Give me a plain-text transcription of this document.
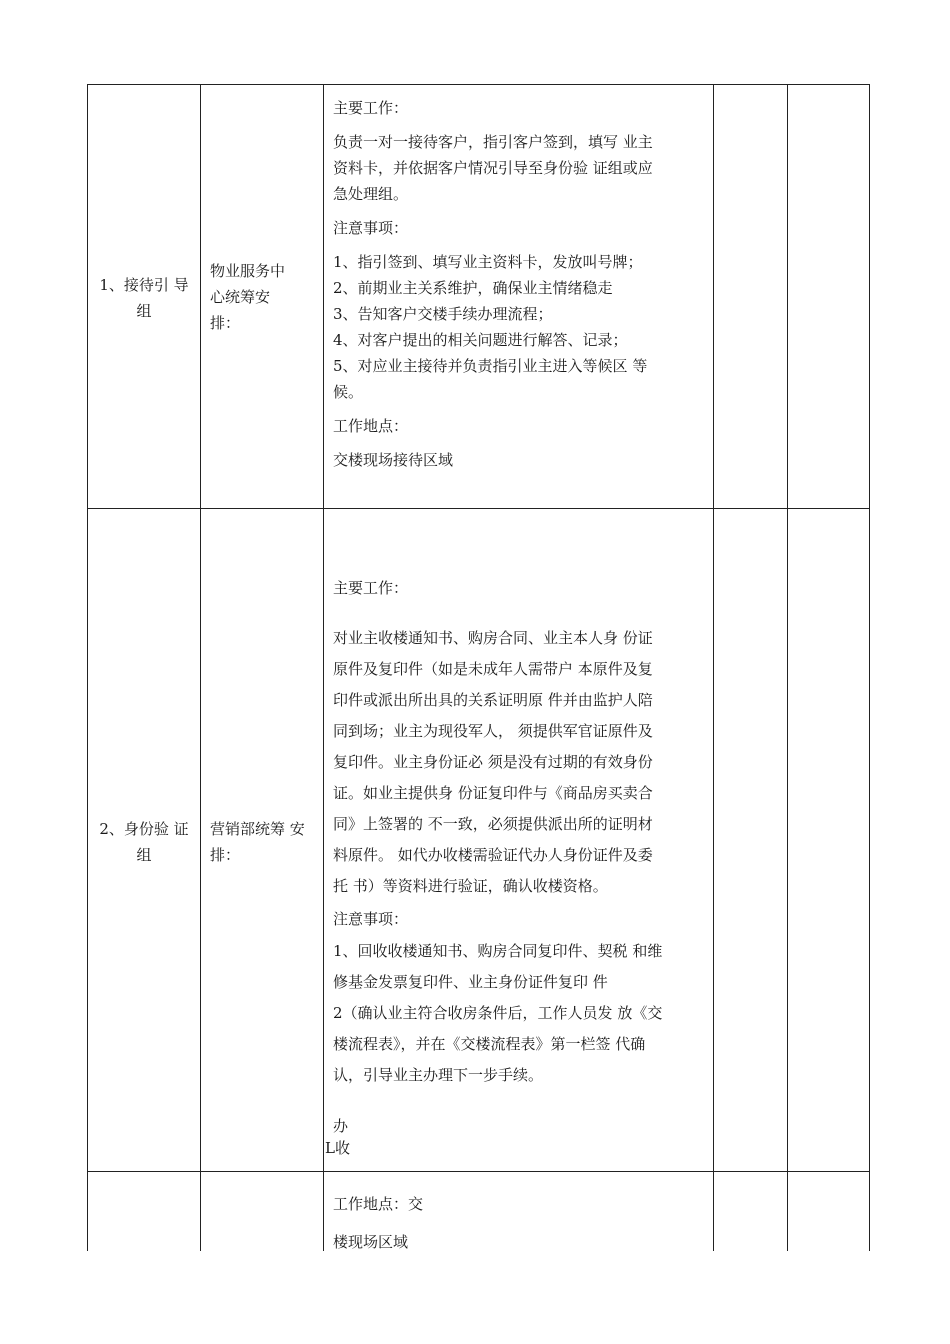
1、接待引 导
组
物业服务中
心统筹安
排：
主要工作：
负责一对一接待客户，指引客户签到，填写 业主
资料卡，并依据客户情况引导至身份验 证组或应
急处理组。
注意事项：
1、指引签到、填写业主资料卡，发放叫号牌；
2、前期业主关系维护，确保业主情绪稳走
3、告知客户交楼手续办理流程；
4、对客户提出的相关问题进行解答、记录；
5、对应业主接待并负责指引业主进入等候区 等
候。
工作地点：
交楼现场接待区域
2、身份验 证
组
营销部统筹 安
排：
主要工作：
对业主收楼通知书、购房合同、业主本人身 份证
原件及复印件（如是未成年人需带户 本原件及复
印件或派出所出具的关系证明原 件并由监护人陪
同到场；业主为现役军人， 须提供军官证原件及
复印件。业主身份证必 须是没有过期的有效身份
证。如业主提供身 份证复印件与《商品房买卖合
同》上签署的 不一致，必须提供派出所的证明材
料原件。 如代办收楼需验证代办人身份证件及委
托 书）等资料进行验证，确认收楼资格。
注意事项：
1、回收收楼通知书、购房合同复印件、契税 和维
修基金发票复印件、业主身份证件复印 件
2（确认业主符合收房条件后，工作人员发 放《交
楼流程表》，并在《交楼流程表》第一栏签 代确
认，引导业主办理下一步手续。
办
L收
工作地点：交
楼现场区域
